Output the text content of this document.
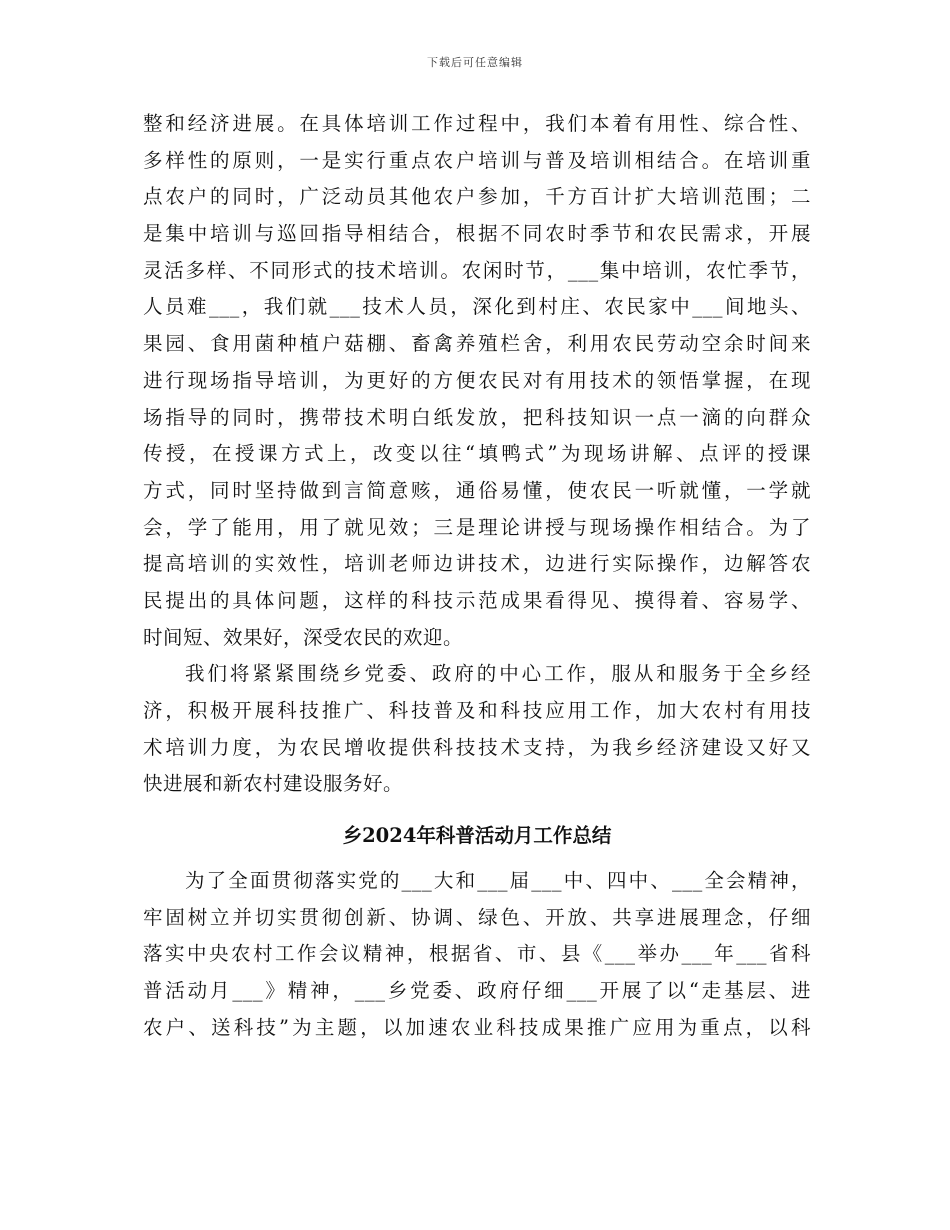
下载后可任意编辑
整和经济进展。在具体培训工作过程中，我们本着有用性、综合性、
多样性的原则，一是实行重点农户培训与普及培训相结合。在培训重
点农户的同时，广泛动员其他农户参加，千方百计扩大培训范围；二
是集中培训与巡回指导相结合，根据不同农时季节和农民需求，开展
灵活多样、不同形式的技术培训。农闲时节，___集中培训，农忙季节，
人员难___，我们就___技术人员，深化到村庄、农民家中___间地头、
果园、食用菌种植户菇棚、畜禽养殖栏舍，利用农民劳动空余时间来
进行现场指导培训，为更好的方便农民对有用技术的领悟掌握，在现
场指导的同时，携带技术明白纸发放，把科技知识一点一滴的向群众
传授，在授课方式上，改变以往“填鸭式”为现场讲解、点评的授课
方式，同时坚持做到言简意赅，通俗易懂，使农民一听就懂，一学就
会，学了能用，用了就见效；三是理论讲授与现场操作相结合。为了
提高培训的实效性，培训老师边讲技术，边进行实际操作，边解答农
民提出的具体问题，这样的科技示范成果看得见、摸得着、容易学、
时间短、效果好，深受农民的欢迎。
我们将紧紧围绕乡党委、政府的中心工作，服从和服务于全乡经
济，积极开展科技推广、科技普及和科技应用工作，加大农村有用技
术培训力度，为农民增收提供科技技术支持，为我乡经济建设又好又
快进展和新农村建设服务好。
乡2024年科普活动月工作总结
为了全面贯彻落实党的___大和___届___中、四中、___全会精神，
牢固树立并切实贯彻创新、协调、绿色、开放、共享进展理念，仔细
落实中央农村工作会议精神，根据省、市、县《___举办___年___省科
普活动月___》精神，___乡党委、政府仔细___开展了以“走基层、进
农户、送科技”为主题，以加速农业科技成果推广应用为重点，以科
